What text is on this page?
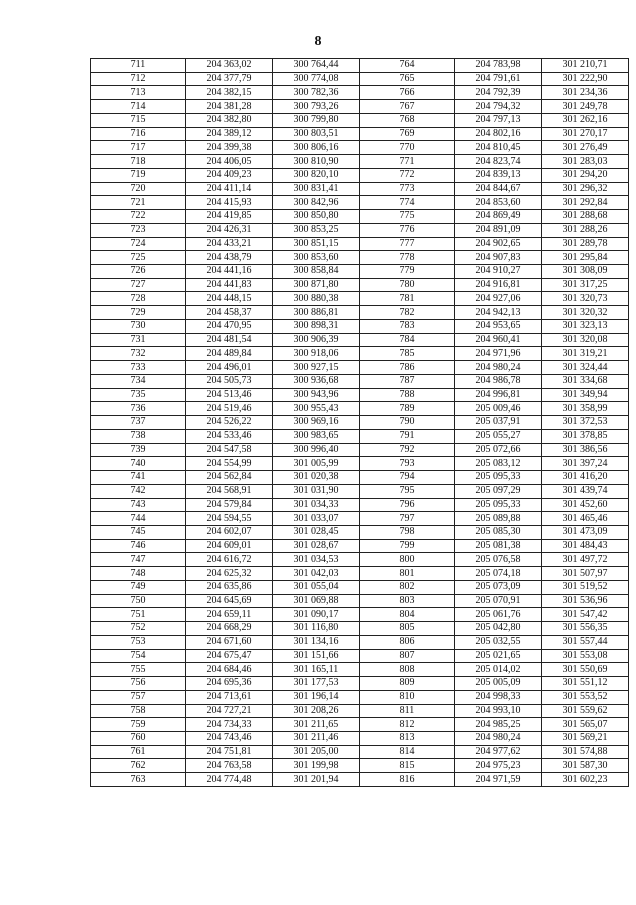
8
711	204 363,02	300 764,44	764	204 783,98	301 210,71
712	204 377,79	300 774,08	765	204 791,61	301 222,90
713	204 382,15	300 782,36	766	204 792,39	301 234,36
714	204 381,28	300 793,26	767	204 794,32	301 249,78
715	204 382,80	300 799,80	768	204 797,13	301 262,16
716	204 389,12	300 803,51	769	204 802,16	301 270,17
717	204 399,38	300 806,16	770	204 810,45	301 276,49
718	204 406,05	300 810,90	771	204 823,74	301 283,03
719	204 409,23	300 820,10	772	204 839,13	301 294,20
720	204 411,14	300 831,41	773	204 844,67	301 296,32
721	204 415,93	300 842,96	774	204 853,60	301 292,84
722	204 419,85	300 850,80	775	204 869,49	301 288,68
723	204 426,31	300 853,25	776	204 891,09	301 288,26
724	204 433,21	300 851,15	777	204 902,65	301 289,78
725	204 438,79	300 853,60	778	204 907,83	301 295,84
726	204 441,16	300 858,84	779	204 910,27	301 308,09
727	204 441,83	300 871,80	780	204 916,81	301 317,25
728	204 448,15	300 880,38	781	204 927,06	301 320,73
729	204 458,37	300 886,81	782	204 942,13	301 320,32
730	204 470,95	300 898,31	783	204 953,65	301 323,13
731	204 481,54	300 906,39	784	204 960,41	301 320,08
732	204 489,84	300 918,06	785	204 971,96	301 319,21
733	204 496,01	300 927,15	786	204 980,24	301 324,44
734	204 505,73	300 936,68	787	204 986,78	301 334,68
735	204 513,46	300 943,96	788	204 996,81	301 349,94
736	204 519,46	300 955,43	789	205 009,46	301 358,99
737	204 526,22	300 969,16	790	205 037,91	301 372,53
738	204 533,46	300 983,65	791	205 055,27	301 378,85
739	204 547,58	300 996,40	792	205 072,66	301 386,56
740	204 554,99	301 005,99	793	205 083,12	301 397,24
741	204 562,84	301 020,38	794	205 095,33	301 416,20
742	204 568,91	301 031,90	795	205 097,29	301 439,74
743	204 579,84	301 034,33	796	205 095,33	301 452,60
744	204 594,55	301 033,07	797	205 089,88	301 465,46
745	204 602,07	301 028,45	798	205 085,30	301 473,09
746	204 609,01	301 028,67	799	205 081,38	301 484,43
747	204 616,72	301 034,53	800	205 076,58	301 497,72
748	204 625,32	301 042,03	801	205 074,18	301 507,97
749	204 635,86	301 055,04	802	205 073,09	301 519,52
750	204 645,69	301 069,88	803	205 070,91	301 536,96
751	204 659,11	301 090,17	804	205 061,76	301 547,42
752	204 668,29	301 116,80	805	205 042,80	301 556,35
753	204 671,60	301 134,16	806	205 032,55	301 557,44
754	204 675,47	301 151,66	807	205 021,65	301 553,08
755	204 684,46	301 165,11	808	205 014,02	301 550,69
756	204 695,36	301 177,53	809	205 005,09	301 551,12
757	204 713,61	301 196,14	810	204 998,33	301 553,52
758	204 727,21	301 208,26	811	204 993,10	301 559,62
759	204 734,33	301 211,65	812	204 985,25	301 565,07
760	204 743,46	301 211,46	813	204 980,24	301 569,21
761	204 751,81	301 205,00	814	204 977,62	301 574,88
762	204 763,58	301 199,98	815	204 975,23	301 587,30
763	204 774,48	301 201,94	816	204 971,59	301 602,23
